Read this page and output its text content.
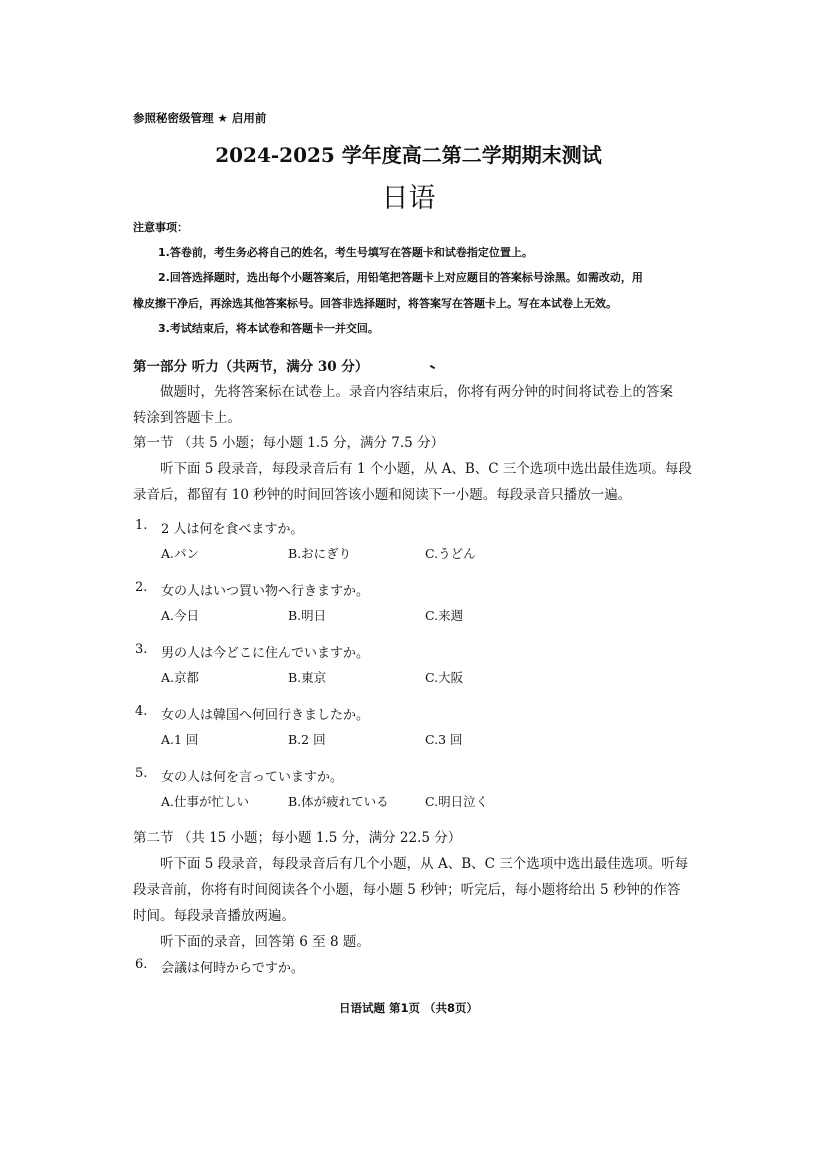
参照秘密级管理 ★ 启用前
2024-2025 学年度高二第二学期期末测试
日语
注意事项：
1.答卷前，考生务必将自己的姓名，考生号填写在答题卡和试卷指定位置上。
2.回答选择题时，选出每个小题答案后，用铅笔把答题卡上对应题目的答案标号涂黑。如需改动，用
橡皮擦干净后，再涂选其他答案标号。回答非选择题时，将答案写在答题卡上。写在本试卷上无效。
3.考试结束后，将本试卷和答题卡一并交回。
第一部分 听力（共两节，满分 30 分）
做题时，先将答案标在试卷上。录音内容结束后，你将有两分钟的时间将试卷上的答案
转涂到答题卡上。
第一节 （共 5 小题；每小题 1.5 分，满分 7.5 分）
听下面 5 段录音，每段录音后有 1 个小题，从 A、B、C 三个选项中选出最佳选项。每段
录音后，都留有 10 秒钟的时间回答该小题和阅读下一小题。每段录音只播放一遍。
1. 2 人は何を食べますか。
A.パン	B.おにぎり	C.うどん
2. 女の人はいつ買い物へ行きますか。
A.今日	B.明日	C.来週
3. 男の人は今どこに住んでいますか。
A.京都	B.東京	C.大阪
4. 女の人は韓国へ何回行きましたか。
A.1 回	B.2 回	C.3 回
5. 女の人は何を言っていますか。
A.仕事が忙しい	B.体が疲れている	C.明日泣く
第二节 （共 15 小题；每小题 1.5 分，满分 22.5 分）
听下面 5 段录音，每段录音后有几个小题，从 A、B、C 三个选项中选出最佳选项。听每
段录音前，你将有时间阅读各个小题，每小题 5 秒钟；听完后，每小题将给出 5 秒钟的作答
时间。每段录音播放两遍。
听下面的录音，回答第 6 至 8 题。
6. 会議は何時からですか。
日语试题 第1页 （共8页）
